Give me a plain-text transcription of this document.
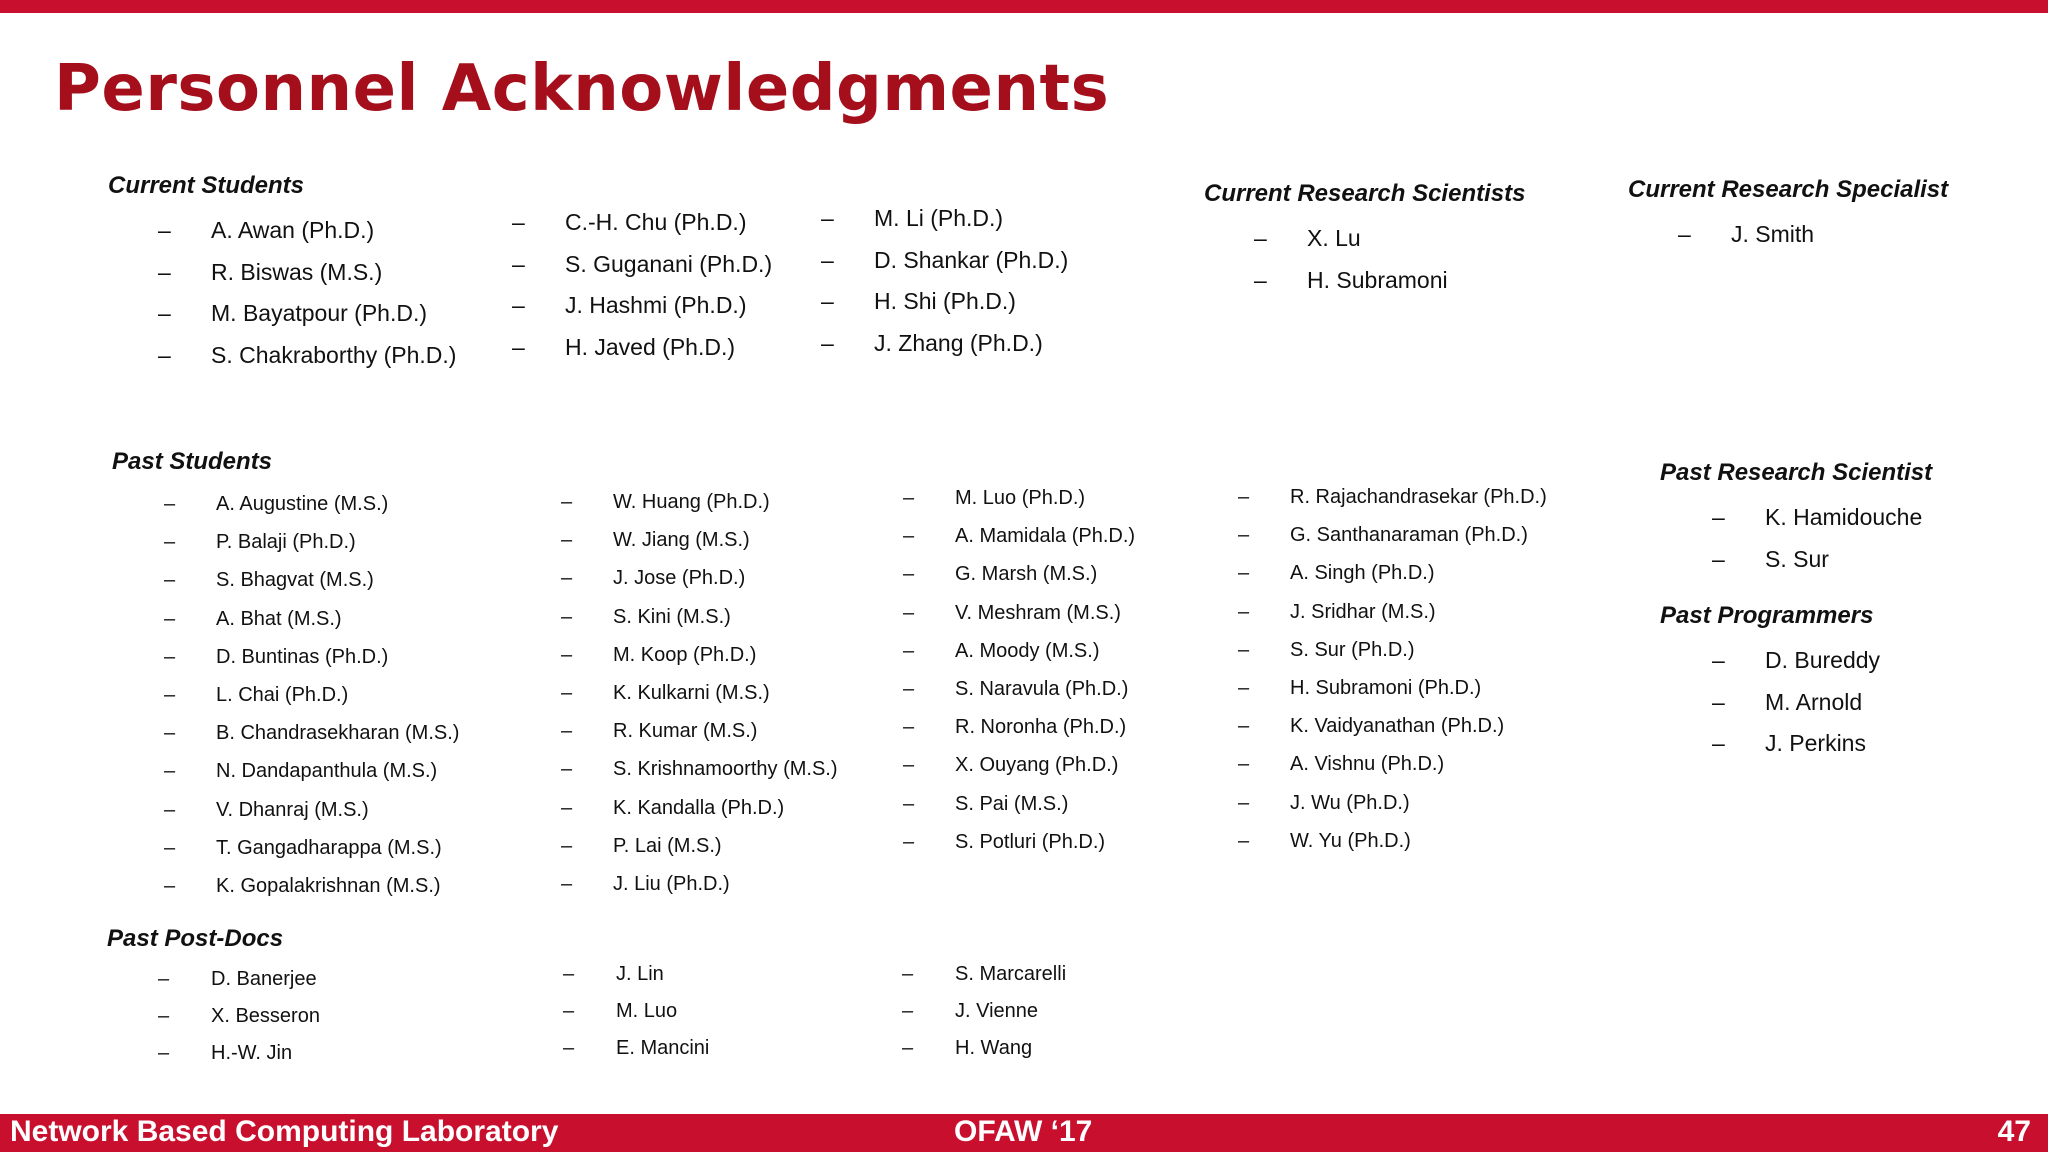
Personnel Acknowledgments
Current Students
– A. Awan (Ph.D.)
– R. Biswas (M.S.)
– M. Bayatpour (Ph.D.)
– S. Chakraborthy (Ph.D.)
– C.-H. Chu (Ph.D.)
– S. Guganani (Ph.D.)
– J. Hashmi (Ph.D.)
– H. Javed (Ph.D.)
– M. Li (Ph.D.)
– D. Shankar (Ph.D.)
– H. Shi (Ph.D.)
– J. Zhang (Ph.D.)
Current Research Scientists
– X. Lu
– H. Subramoni
Current Research Specialist
– J. Smith
Past Students
– A. Augustine (M.S.)
– P. Balaji (Ph.D.)
– S. Bhagvat (M.S.)
– A. Bhat (M.S.)
– D. Buntinas (Ph.D.)
– L. Chai (Ph.D.)
– B. Chandrasekharan (M.S.)
– N. Dandapanthula (M.S.)
– V. Dhanraj (M.S.)
– T. Gangadharappa (M.S.)
– K. Gopalakrishnan (M.S.)
– W. Huang (Ph.D.)
– W. Jiang (M.S.)
– J. Jose (Ph.D.)
– S. Kini (M.S.)
– M. Koop (Ph.D.)
– K. Kulkarni (M.S.)
– R. Kumar (M.S.)
– S. Krishnamoorthy (M.S.)
– K. Kandalla (Ph.D.)
– P. Lai (M.S.)
– J. Liu (Ph.D.)
– M. Luo (Ph.D.)
– A. Mamidala (Ph.D.)
– G. Marsh (M.S.)
– V. Meshram (M.S.)
– A. Moody (M.S.)
– S. Naravula (Ph.D.)
– R. Noronha (Ph.D.)
– X. Ouyang (Ph.D.)
– S. Pai (M.S.)
– S. Potluri (Ph.D.)
– R. Rajachandrasekar (Ph.D.)
– G. Santhanaraman (Ph.D.)
– A. Singh (Ph.D.)
– J. Sridhar (M.S.)
– S. Sur (Ph.D.)
– H. Subramoni (Ph.D.)
– K. Vaidyanathan (Ph.D.)
– A. Vishnu (Ph.D.)
– J. Wu (Ph.D.)
– W. Yu (Ph.D.)
Past Research Scientist
– K. Hamidouche
– S. Sur
Past Programmers
– D. Bureddy
– M. Arnold
– J. Perkins
Past Post-Docs
– D. Banerjee
– X. Besseron
– H.-W. Jin
– J. Lin
– M. Luo
– E. Mancini
– S. Marcarelli
– J. Vienne
– H. Wang
Network Based Computing Laboratory	OFAW ‘17	47
